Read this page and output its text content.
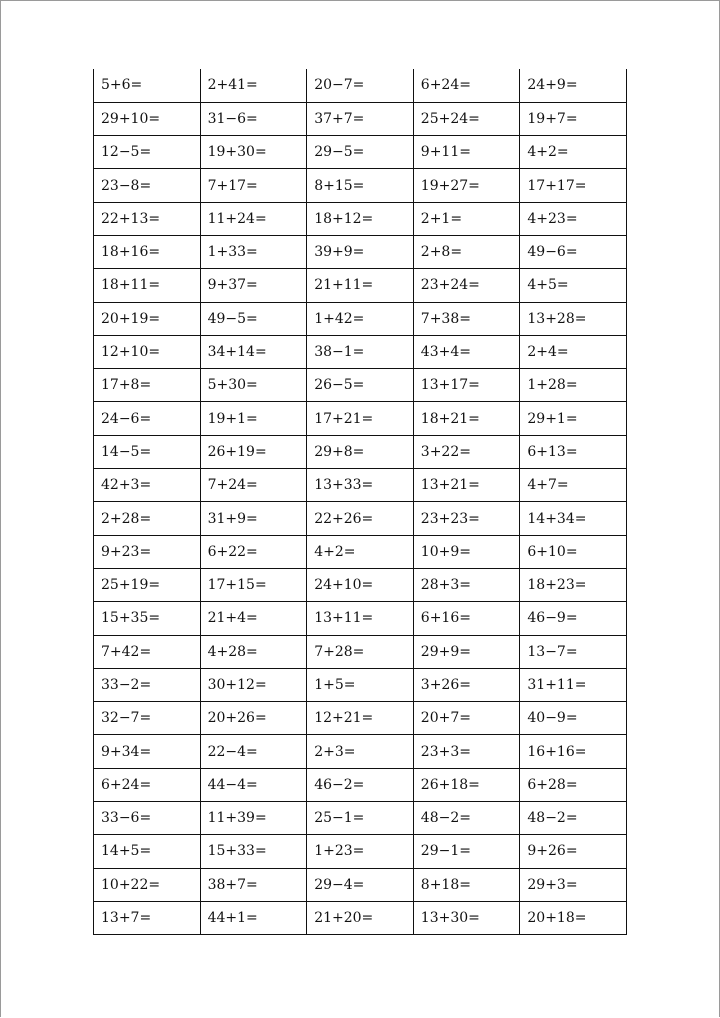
5+6=	2+41=	20−7=	6+24=	24+9=
29+10=	31−6=	37+7=	25+24=	19+7=
12−5=	19+30=	29−5=	9+11=	4+2=
23−8=	7+17=	8+15=	19+27=	17+17=
22+13=	11+24=	18+12=	2+1=	4+23=
18+16=	1+33=	39+9=	2+8=	49−6=
18+11=	9+37=	21+11=	23+24=	4+5=
20+19=	49−5=	1+42=	7+38=	13+28=
12+10=	34+14=	38−1=	43+4=	2+4=
17+8=	5+30=	26−5=	13+17=	1+28=
24−6=	19+1=	17+21=	18+21=	29+1=
14−5=	26+19=	29+8=	3+22=	6+13=
42+3=	7+24=	13+33=	13+21=	4+7=
2+28=	31+9=	22+26=	23+23=	14+34=
9+23=	6+22=	4+2=	10+9=	6+10=
25+19=	17+15=	24+10=	28+3=	18+23=
15+35=	21+4=	13+11=	6+16=	46−9=
7+42=	4+28=	7+28=	29+9=	13−7=
33−2=	30+12=	1+5=	3+26=	31+11=
32−7=	20+26=	12+21=	20+7=	40−9=
9+34=	22−4=	2+3=	23+3=	16+16=
6+24=	44−4=	46−2=	26+18=	6+28=
33−6=	11+39=	25−1=	48−2=	48−2=
14+5=	15+33=	1+23=	29−1=	9+26=
10+22=	38+7=	29−4=	8+18=	29+3=
13+7=	44+1=	21+20=	13+30=	20+18=
